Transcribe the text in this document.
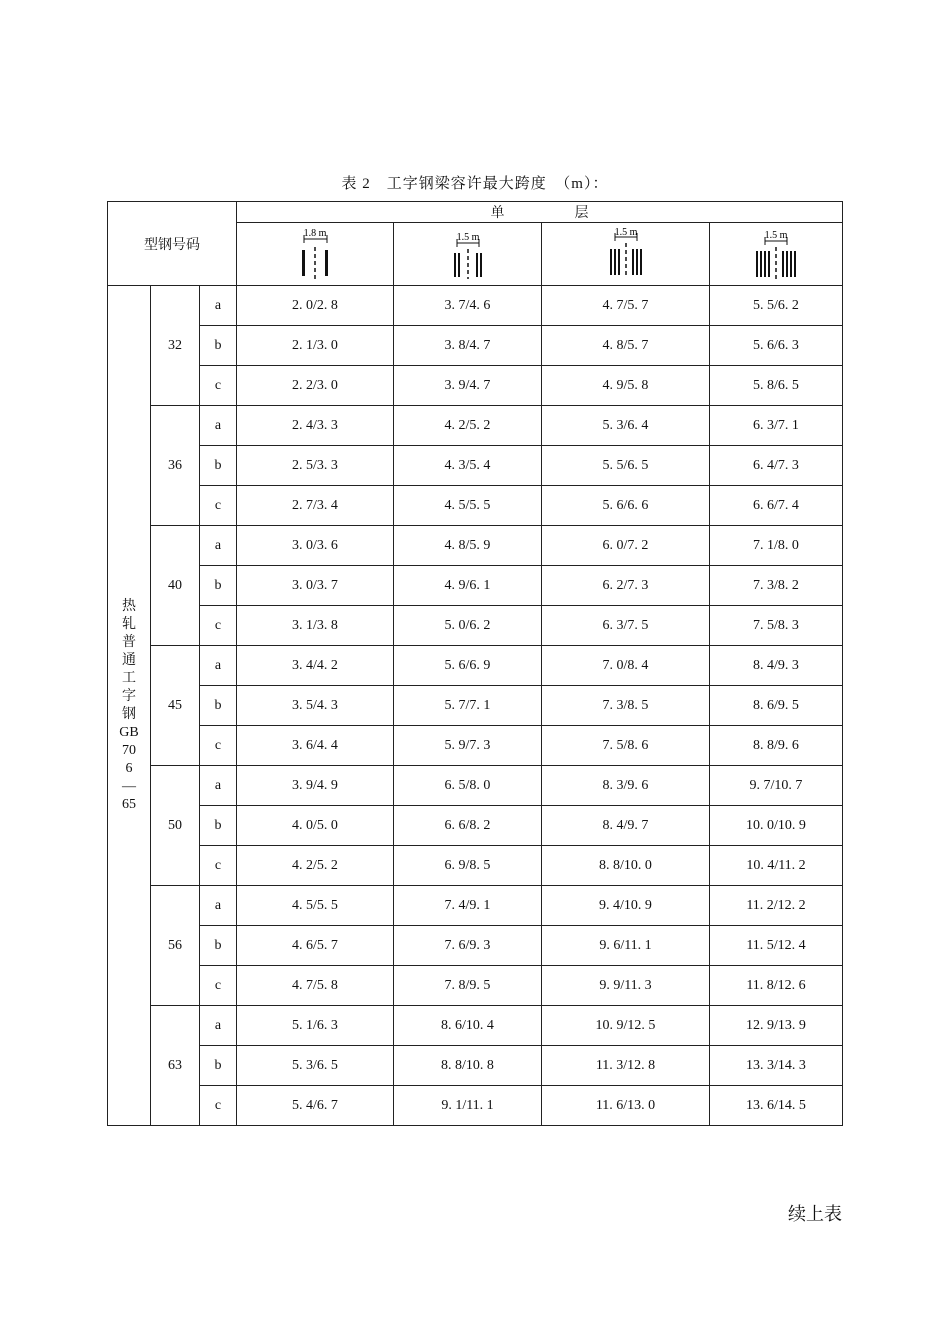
表 2　工字钢梁容许最大跨度　（m）：
型钢号码			单　层			

1.8 m	1.5 m	1.5 m	1.5 m

热轧普通工字钢GB706—65	32	a	2. 0/2. 8	3. 7/4. 6	4. 7/5. 7	5. 5/6. 2
		b	2. 1/3. 0	3. 8/4. 7	4. 8/5. 7	5. 6/6. 3
		c	2. 2/3. 0	3. 9/4. 7	4. 9/5. 8	5. 8/6. 5
	36	a	2. 4/3. 3	4. 2/5. 2	5. 3/6. 4	6. 3/7. 1
		b	2. 5/3. 3	4. 3/5. 4	5. 5/6. 5	6. 4/7. 3
		c	2. 7/3. 4	4. 5/5. 5	5. 6/6. 6	6. 6/7. 4
	40	a	3. 0/3. 6	4. 8/5. 9	6. 0/7. 2	7. 1/8. 0
		b	3. 0/3. 7	4. 9/6. 1	6. 2/7. 3	7. 3/8. 2
		c	3. 1/3. 8	5. 0/6. 2	6. 3/7. 5	7. 5/8. 3
	45	a	3. 4/4. 2	5. 6/6. 9	7. 0/8. 4	8. 4/9. 3
		b	3. 5/4. 3	5. 7/7. 1	7. 3/8. 5	8. 6/9. 5
		c	3. 6/4. 4	5. 9/7. 3	7. 5/8. 6	8. 8/9. 6
	50	a	3. 9/4. 9	6. 5/8. 0	8. 3/9. 6	9. 7/10. 7
		b	4. 0/5. 0	6. 6/8. 2	8. 4/9. 7	10. 0/10. 9
		c	4. 2/5. 2	6. 9/8. 5	8. 8/10. 0	10. 4/11. 2
	56	a	4. 5/5. 5	7. 4/9. 1	9. 4/10. 9	11. 2/12. 2
		b	4. 6/5. 7	7. 6/9. 3	9. 6/11. 1	11. 5/12. 4
		c	4. 7/5. 8	7. 8/9. 5	9. 9/11. 3	11. 8/12. 6
	63	a	5. 1/6. 3	8. 6/10. 4	10. 9/12. 5	12. 9/13. 9
		b	5. 3/6. 5	8. 8/10. 8	11. 3/12. 8	13. 3/14. 3
		c	5. 4/6. 7	9. 1/11. 1	11. 6/13. 0	13. 6/14. 5
续上表
